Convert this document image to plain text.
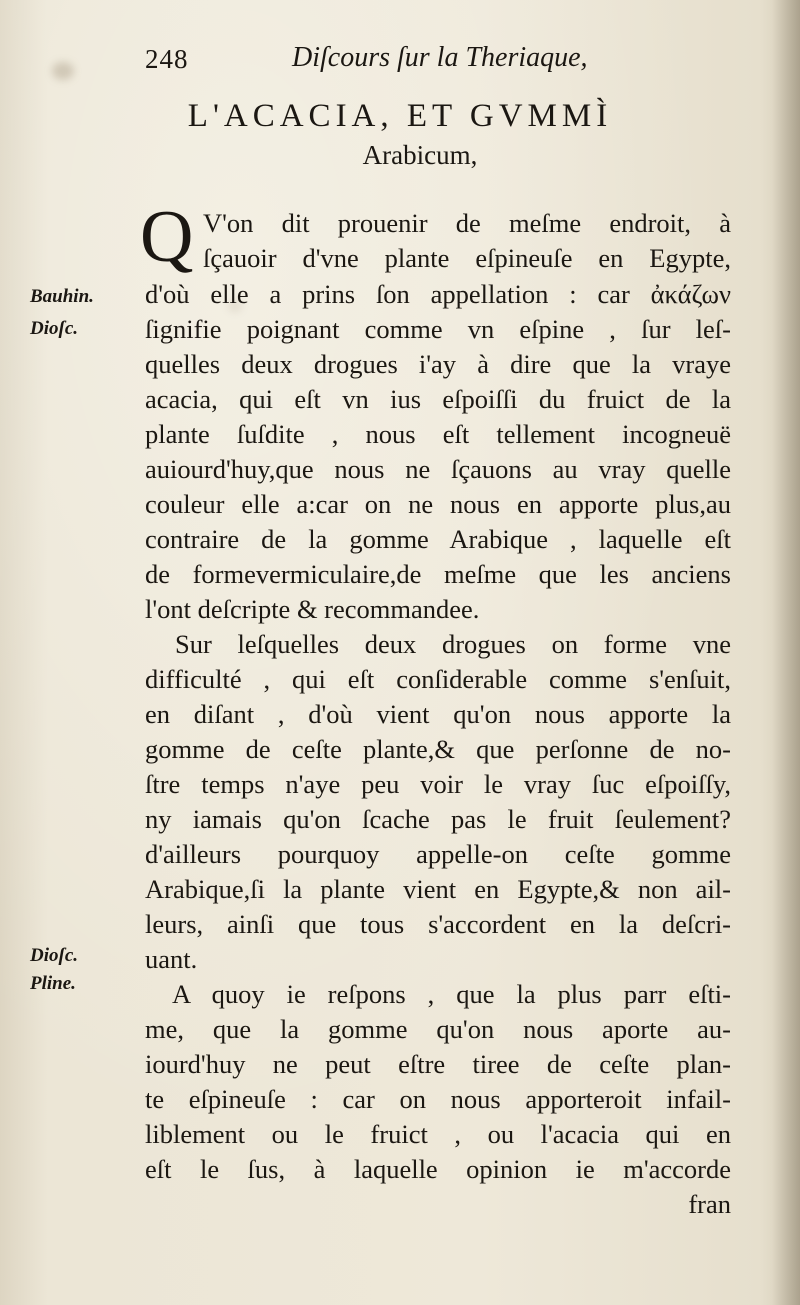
248	Diſcours ſur la Theriaque,
L'ACACIA, ET GVMMÌ
Arabicum,
Q
Bauhin.
Dioſc.
Dioſc.
Pline.
V'on dit prouenir de meſme endroit, à
ſçauoir d'vne plante eſpineuſe en Egypte,
d'où elle a prins ſon appellation : car ἀκάζων
ſignifie poignant comme vn eſpine , ſur leſ-
quelles deux drogues i'ay à dire que la vraye
acacia, qui eſt vn ius eſpoiſſi du fruict de la
plante ſuſdite , nous eſt tellement incogneuë
auiourd'huy,que nous ne ſçauons au vray quelle
couleur elle a:car on ne nous en apporte plus,au
contraire de la gomme Arabique , laquelle eſt
de formevermiculaire,de meſme que les anciens
l'ont deſcripte & recommandee.
Sur leſquelles deux drogues on forme vne
difficulté , qui eſt conſiderable comme s'enſuit,
en diſant , d'où vient qu'on nous apporte la
gomme de ceſte plante,& que perſonne de no-
ſtre temps n'aye peu voir le vray ſuc eſpoiſſy,
ny iamais qu'on ſcache pas le fruit ſeulement?
d'ailleurs pourquoy appelle-on ceſte gomme
Arabique,ſi la plante vient en Egypte,& non ail-
leurs, ainſi que tous s'accordent en la deſcri-
uant.
A quoy ie reſpons , que la plus parr eſti-
me, que la gomme qu'on nous aporte au-
iourd'huy ne peut eſtre tiree de ceſte plan-
te eſpineuſe : car on nous apporteroit infail-
liblement ou le fruict , ou l'acacia qui en
eſt le ſus, à laquelle opinion ie m'accorde
fran
